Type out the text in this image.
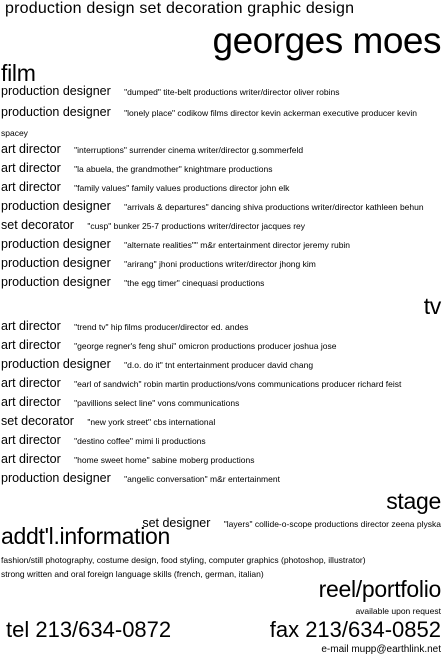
production design set decoration graphic design
georges moes
film
production designer "dumped" tite-belt productions writer/director oliver robins
production designer "lonely place" codikow films director kevin ackerman executive producer kevin spacey
art director "interruptions" surrender cinema writer/director g.sommerfeld
art director "la abuela, the grandmother" knightmare productions
art director "family values" family values productions director john elk
production designer "arrivals & departures" dancing shiva productions writer/director kathleen behun
set decorator "cusp" bunker 25-7 productions writer/director jacques rey
production designer "alternate realities"" m&r entertainment director jeremy rubin
production designer "arirang" jhoni productions writer/director jhong kim
production designer "the egg timer" cinequasi productions
tv
art director "trend tv" hip films producer/director ed. andes
art director "george regner's feng shui" omicron productions producer joshua jose
production designer "d.o. do it" tnt entertainment producer david chang
art director "earl of sandwich" robin martin productions/vons communications producer richard feist
art director "pavillions select line" vons communications
set decorator "new york street" cbs international
art director "destino coffee" mimi li productions
art director "home sweet home" sabine moberg productions
production designer "angelic conversation" m&r entertainment
stage
set designer "layers" collide-o-scope productions director zeena plyska
addt'l.information
fashion/still photography, costume design, food styling, computer graphics (photoshop, illustrator)
strong written and oral foreign language skills (french, german, italian)
reel/portfolio
available upon request
tel 213/634-0872	fax 213/634-0852
e-mail mupp@earthlink.net
